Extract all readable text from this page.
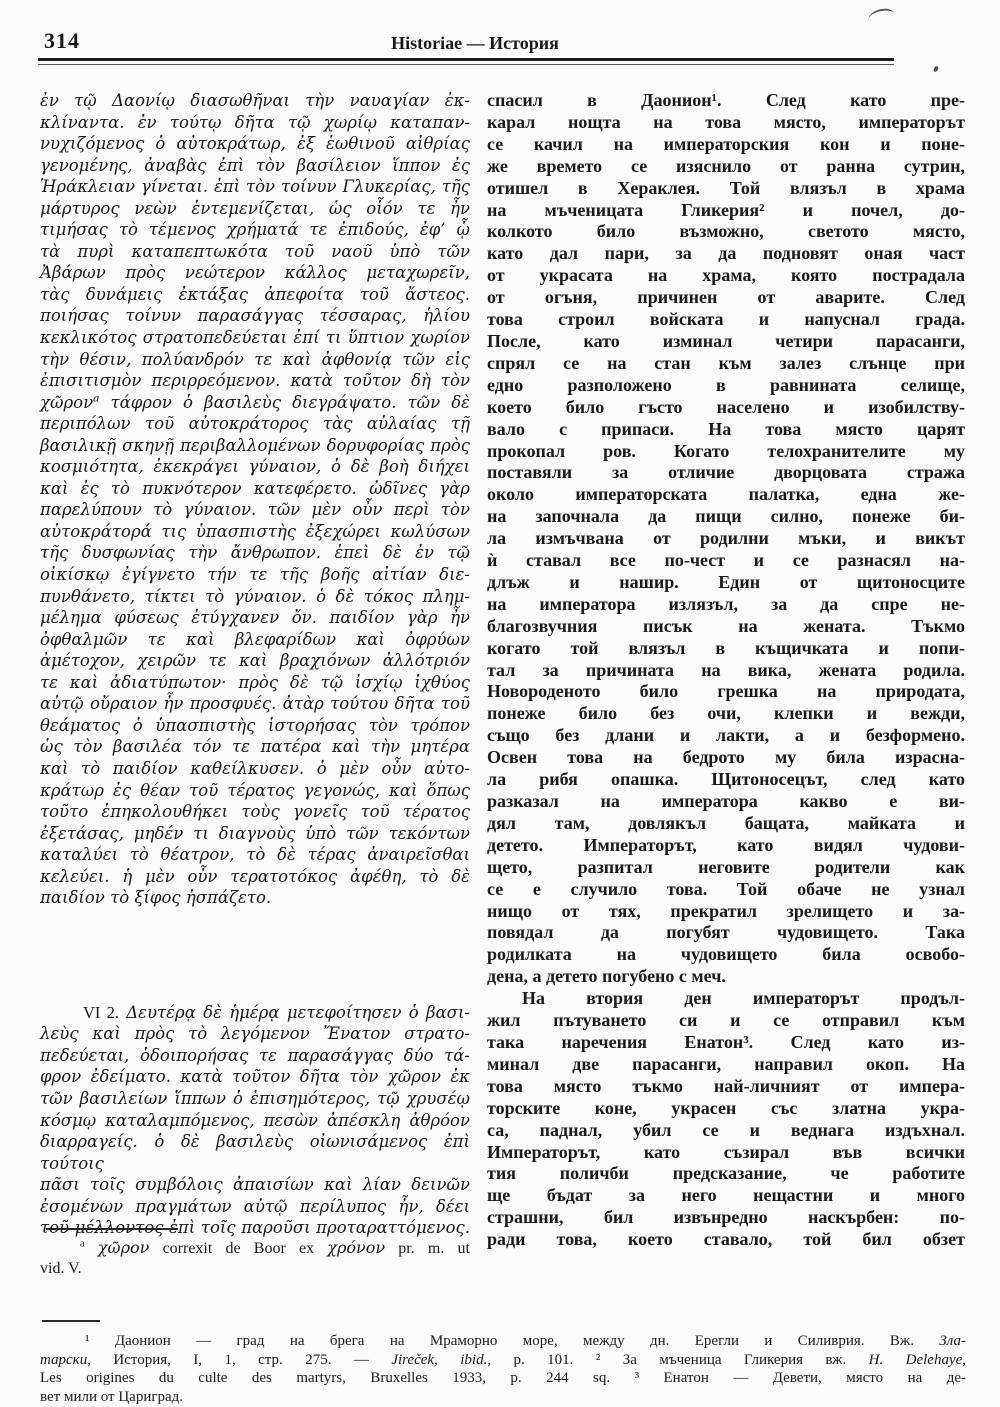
314	Historiae — История
ἐν τῷ Δαονίῳ διασωθῆναι τὴν ναυαγίαν ἐκ-
κλίναντα. ἐν τούτῳ δῆτα τῷ χωρίῳ καταπαν-
νυχιζόμενος ὁ αὐτοκράτωρ, ἐξ ἑωθινοῦ αἰθρίας
γενομένης, ἀναβὰς ἐπὶ τὸν βασίλειον ἵππον ἐς
Ἡράκλειαν γίνεται. ἐπὶ τὸν τοίνυν Γλυκερίας, τῆς
μάρτυρος νεὼν ἐντεμενίζεται, ὡς οἷόν τε ἦν
τιμήσας τὸ τέμενος χρήματά τε ἐπιδούς, ἐφ’ ᾧ
τὰ πυρὶ καταπεπτωκότα τοῦ ναοῦ ὑπὸ τῶν
Ἀβάρων πρὸς νεώτερον κάλλος μεταχωρεῖν,
τὰς δυνάμεις ἐκτάξας ἀπεφοίτα τοῦ ἄστεος.
ποιήσας τοίνυν παρασάγγας τέσσαρας, ἡλίου
κεκλικότος στρατοπεδεύεται ἐπί τι ὕπτιον χωρίον
τὴν θέσιν, πολύανδρόν τε καὶ ἀφθονίᾳ τῶν εἰς
ἐπισιτισμὸν περιρρεόμενον. κατὰ τοῦτον δὴ τὸν
χῶρον$^a$ τάφρον ὁ βασιλεὺς διεγράψατο. τῶν δὲ
περιπόλων τοῦ αὐτοκράτορος τὰς αὐλαίας τῇ
βασιλικῇ σκηνῇ περιβαλλομένων δορυφορίας πρὸς
κοσμιότητα, ἐκεκράγει γύναιον, ὁ δὲ βοὴ διήχει
καὶ ἐς τὸ πυκνότερον κατεφέρετο. ὠδῖνες γὰρ
παρελύπουν τὸ γύναιον. τῶν μὲν οὖν περὶ τὸν
αὐτοκράτορά τις ὑπασπιστὴς ἐξεχώρει κωλύσων
τῆς δυσφωνίας τὴν ἄνθρωπον. ἐπεὶ δὲ ἐν τῷ
οἰκίσκῳ ἐγίγνετο τήν τε τῆς βοῆς αἰτίαν διε-
πυνθάνετο, τίκτει τὸ γύναιον. ὁ δὲ τόκος πλημ-
μέλημα φύσεως ἐτύγχανεν ὄν. παιδίον γὰρ ἦν
ὀφθαλμῶν τε καὶ βλεφαρίδων καὶ ὀφρύων
ἀμέτοχον, χειρῶν τε καὶ βραχιόνων ἀλλότριόν
τε καὶ ἀδιατύπωτον· πρὸς δὲ τῷ ἰσχίῳ ἰχθύος
αὐτῷ οὔραιον ἦν προσφυές. ἀτὰρ τούτου δῆτα τοῦ
θεάματος ὁ ὑπασπιστὴς ἱστορήσας τὸν τρόπον
ὡς τὸν βασιλέα τόν τε πατέρα καὶ τὴν μητέρα
καὶ τὸ παιδίον καθείλκυσεν. ὁ μὲν οὖν αὐτο-
κράτωρ ἐς θέαν τοῦ τέρατος γεγονώς, καὶ ὅπως
τοῦτο ἐπηκολουθήκει τοὺς γονεῖς τοῦ τέρατος
ἐξετάσας, μηδέν τι διαγνοὺς ὑπὸ τῶν τεκόντων
καταλύει τὸ θέατρον, τὸ δὲ τέρας ἀναιρεῖσθαι
κελεύει. ἡ μὲν οὖν τερατοτόκος ἀφέθη, τὸ δὲ
παιδίον τὸ ξίφος ἠσπάζετο.
VI 2. Δευτέρᾳ δὲ ἡμέρᾳ μετεφοίτησεν ὁ βασι-
λεὺς καὶ πρὸς τὸ λεγόμενον Ἔνατον στρατο-
πεδεύεται, ὁδοιπορήσας τε παρασάγγας δύο τά-
φρον ἐδείματο. κατὰ τοῦτον δῆτα τὸν χῶρον ἐκ
τῶν βασιλείων ἵππων ὁ ἐπισημότερος, τῷ χρυσέῳ
κόσμῳ καταλαμπόμενος, πεσὼν ἀπέσκλη ἀθρόον
διαρραγείς. ὁ δὲ βασιλεὺς οἰωνισάμενος ἐπὶ τούτοις
πᾶσι τοῖς συμβόλοις ἀπαισίων καὶ λίαν δεινῶν
ἐσομένων πραγμάτων αὐτῷ περίλυπος ἦν, δέει
τοῦ μέλλοντος ἐπὶ τοῖς παροῦσι προταραττόμενος.
спасил в Даонион¹. След като пре-
карал нощта на това място, императорът
се качил на императорския кон и поне-
же времето се изяснило от ранна сутрин,
отишел в Хераклея. Той влязъл в храма
на мъченицата Гликерия² и почел, до-
колкото било възможно, светото място,
като дал пари, за да подновят оная част
от украсата на храма, която пострадала
от огъня, причинен от аварите. След
това строил войската и напуснал града.
После, като изминал четири парасанги,
спрял се на стан към залез слънце при
едно разположено в равнината селище,
което било гъсто населено и изобилству-
вало с припаси. На това място царят
прокопал ров. Когато телохранителите му
поставяли за отличие дворцовата стража
около императорската палатка, една же-
на започнала да пищи силно, понеже би-
ла измъчвана от родилни мъки, и викът
ѝ ставал все по-чест и се разнасял на-
длъж и нашир. Един от щитоносците
на императора излязъл, за да спре не-
благозвучния писък на жената. Тъкмо
когато той влязъл в къщичката и попи-
тал за причината на вика, жената родила.
Новороденото било грешка на природата,
понеже било без очи, клепки и вежди,
също без длани и лакти, а и безформено.
Освен това на бедрото му била израсна-
ла рибя опашка. Щитоносецът, след като
разказал на императора какво е ви-
дял там, довлякъл бащата, майката и
детето. Императорът, като видял чудови-
щето, разпитал неговите родители как
се е случило това. Той обаче не узнал
нищо от тях, прекратил зрелището и за-
повядал да погубят чудовището. Така
родилката на чудовището била освобо-
дена, а детето погубено с меч.
На втория ден императорът продъл-
жил пътуването си и се отправил към
така наречения Енатон³. След като из-
минал две парасанги, направил окоп. На
това място тъкмо най-личният от импера-
торските коне, украсен със златна укра-
са, паднал, убил се и веднага издъхнал.
Императорът, като съзирал във всички
тия поличби предсказание, че работите
ще бъдат за него нещастни и много
страшни, бил извънредно наскърбен: по-
ради това, което ставало, той бил обзет
$^a$ χῶρον correxit de Boor ex χρόνον pr. m. ut
vid. V.
¹ Даонион — град на брега на Мраморно море, между дн. Ерегли и Силиврия. Вж. Зла-
тарски, История, I, 1, стр. 275. — Jireček, ibid., p. 101. ² За мъченица Гликерия вж. H. Delehaye,
Les origines du culte des martyrs, Bruxelles 1933, p. 244 sq. ³ Енатон — Девети, място на де-
вет мили от Цариград.
